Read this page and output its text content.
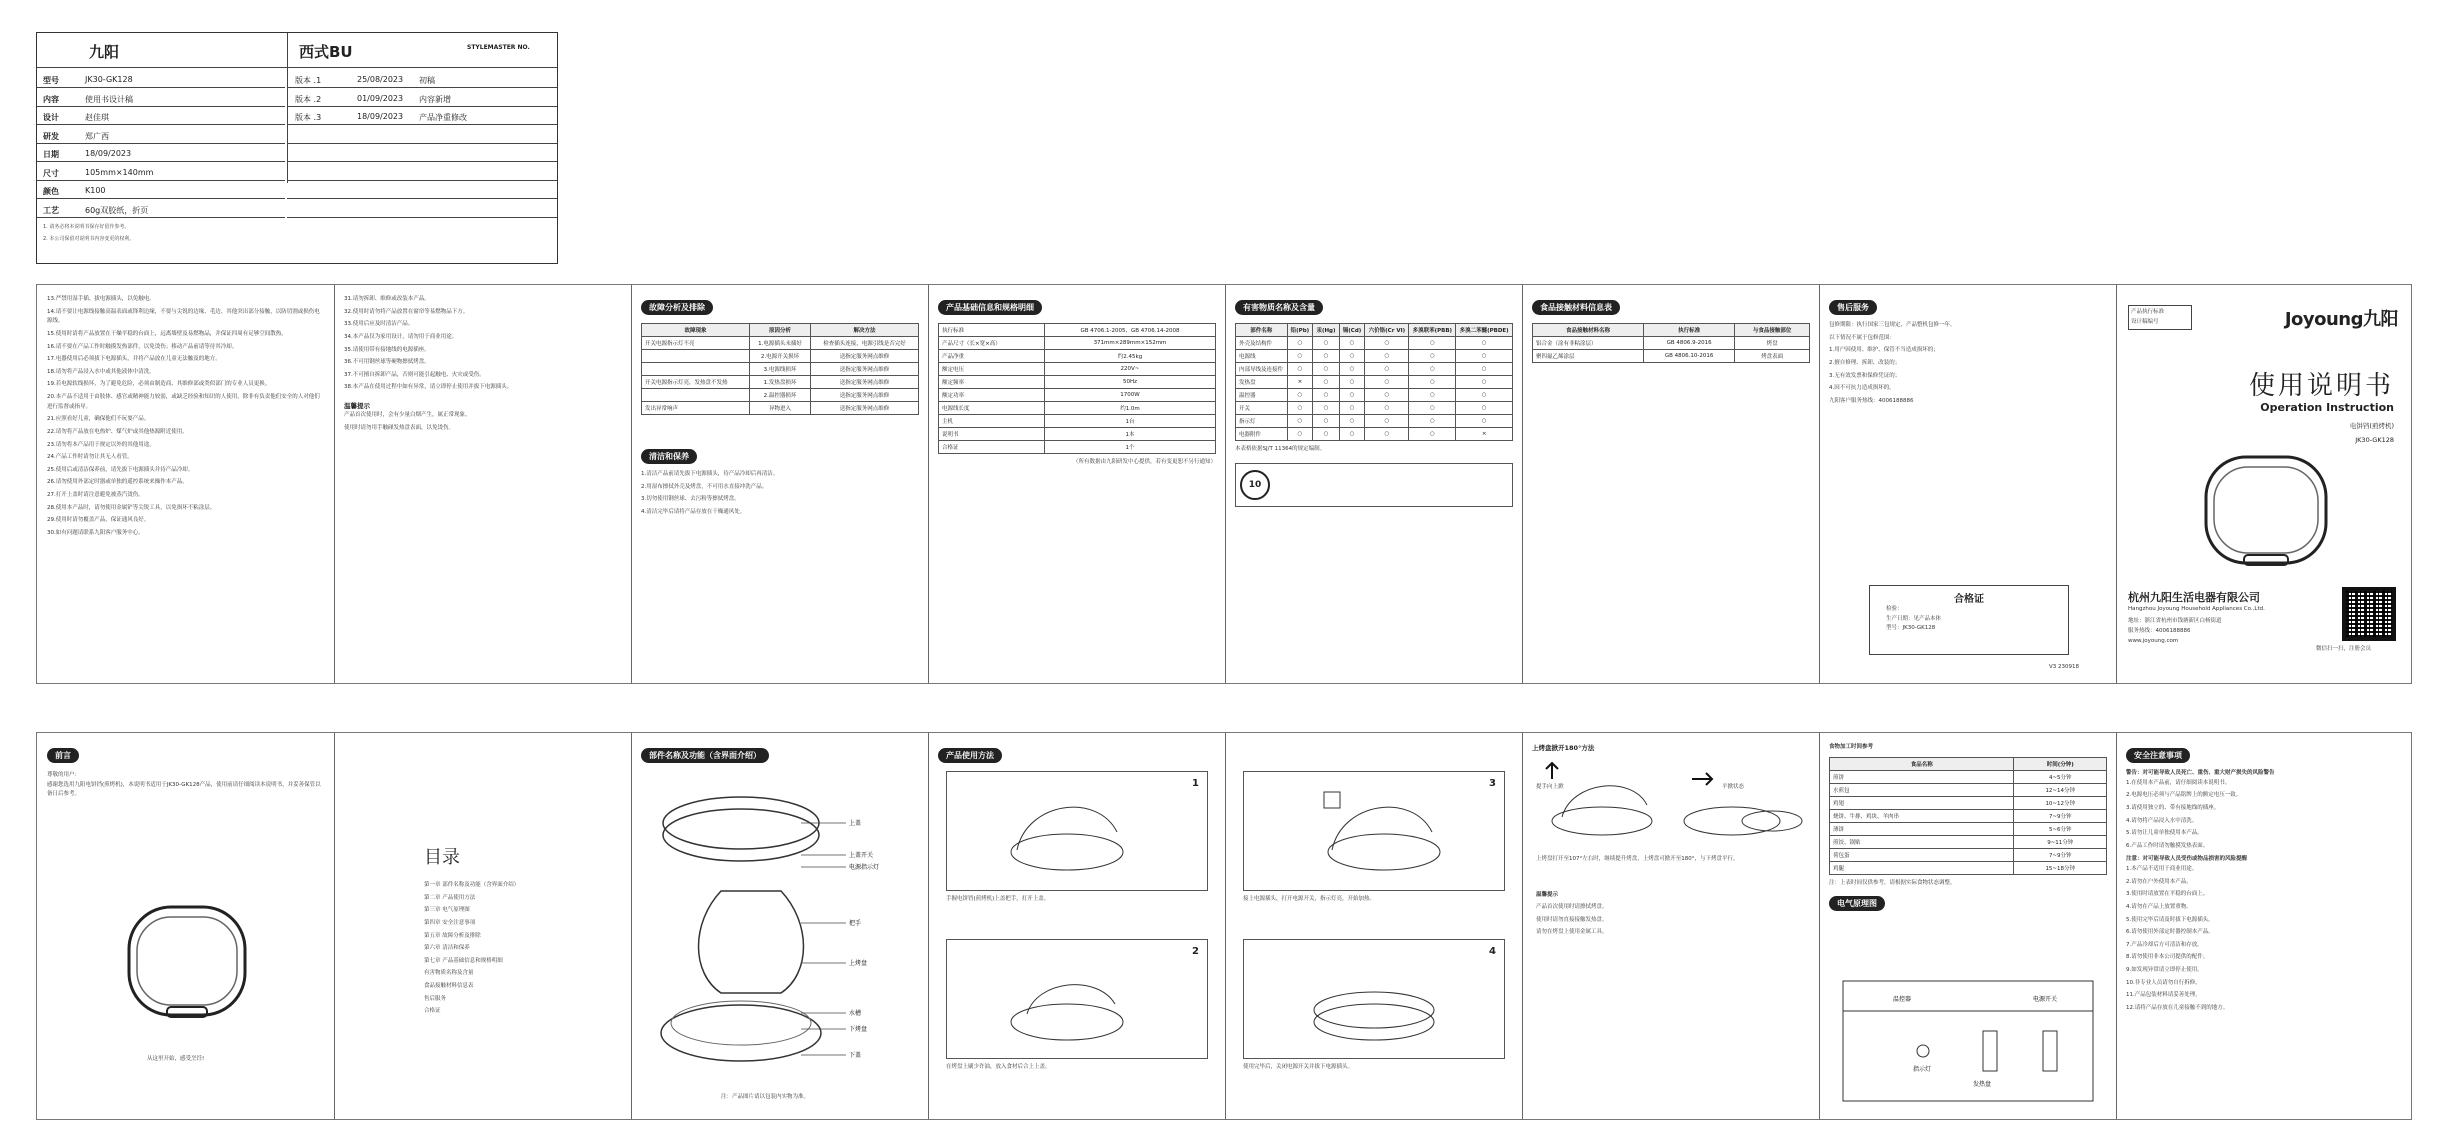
九阳	西式BU	STYLEMASTER NO.
型号	JK30-GK128
内容	使用书设计稿
设计	赵佳琪
研发	郑广西
日期	18/09/2023
尺寸	105mm×140mm
颜色	K100
工艺	60g双胶纸，折页
版本 .1	25/08/2023 初稿
版本 .2	01/09/2023 内容新增
版本 .3	18/09/2023 产品净重修改
1. 请务必将本说明书保存好留作参考。
2. 本公司保留对说明书内容变更的权利。
13.严禁用湿手插、拔电源插头，以免触电。
14.请不要让电源线接触高温表面或锋利边缘，不要与尖锐的边缘、毛边、其他突出部分接触，以防切割或损伤电源线。
15.使用时请将产品放置在干燥平稳的台面上，远离墙壁及易燃物品，并保证四周有足够空间散热。
16.请不要在产品工作时触摸发热部件，以免烫伤；移动产品前请等待其冷却。
17.电器使用后必须拔下电源插头，并将产品放在儿童无法触及的地方。
18.请勿将产品浸入水中或其他液体中清洗。
19.若电源软线损坏，为了避免危险，必须由制造商、其维修部或类似部门的专业人员更换。
20.本产品不适用于由肢体、感官或精神能力较弱，或缺乏经验和知识的人使用，除非有负责他们安全的人对他们进行监督或指导。
21.应照看好儿童，确保他们不玩耍产品。
22.请勿将产品放在电热炉、煤气炉或其他热源附近使用。
23.请勿将本产品用于规定以外的其他用途。
24.产品工作时请勿让其无人看管。
25.使用后或清洁保养前，请先拔下电源插头并待产品冷却。
26.请勿使用外部定时器或单独的遥控系统来操作本产品。
27.打开上盖时请注意避免被蒸汽烫伤。
28.使用本产品时，请勿使用金属铲等尖锐工具，以免损坏不粘涂层。
29.使用时请勿覆盖产品，保证通风良好。
30.如有问题请联系九阳客户服务中心。
31.请勿拆卸、维修或改装本产品。
32.使用时请勿将产品放置在窗帘等易燃物品下方。
33.使用后应及时清洁产品。
34.本产品仅为家用设计，请勿用于商业用途。
35.请使用带有接地线的电源插座。
36.不可用钢丝球等硬物擦拭烤盘。
37.不可擅自拆卸产品，否则可能引起触电、火灾或受伤。
38.本产品在使用过程中如有异常，请立即停止使用并拔下电源插头。
温馨提示
产品首次使用时，会有少量白烟产生，属正常现象。
使用时请勿用手触碰发热盘表面，以免烫伤。
故障分析及排除
故障现象	原因分析	解决方法
开关电源指示灯不亮	1.电源插头未插好	检查插头连接，电源引线是否完好
	2.电源开关损坏	送指定服务网点维修
	3.电源线损坏	送指定服务网点维修
开关电源指示灯亮，发热盘不发热	1.发热盘损坏	送指定服务网点维修
	2.温控器损坏	送指定服务网点维修
发出异常响声	异物进入	送指定服务网点维修
清洁和保养
1.清洁产品前请先拔下电源插头，待产品冷却后再清洁。
2.用湿布擦拭外壳及烤盘，不可用水直接冲洗产品。
3.切勿使用钢丝球、去污粉等擦拭烤盘。
4.清洁完毕后请将产品存放在干燥通风处。
产品基础信息和规格明细
执行标准	GB 4706.1-2005、GB 4706.14-2008
产品尺寸（长×宽×高）	371mm×289mm×152mm
产品净重	约2.45kg
额定电压	220V~
额定频率	50Hz
额定功率	1700W
电源线长度	约1.0m
主机	1台
说明书	1本
合格证	1个
（所有数据由九阳研发中心提供，若有变更恕不另行通知）
有害物质名称及含量
部件名称	铅(Pb)	汞(Hg)	镉(Cd)	六价铬(Cr VI)	多溴联苯(PBB)	多溴二苯醚(PBDE)
外壳及结构件	○	○	○	○	○	○
电源线	○	○	○	○	○	○
内部导线及连接件	○	○	○	○	○	○
发热盘	×	○	○	○	○	○
温控器	○	○	○	○	○	○
开关	○	○	○	○	○	○
指示灯	○	○	○	○	○	○
电器附件	○	○	○	○	○	×
本表格依据SJ/T 11364的规定编制。
10
食品接触材料信息表
食品接触材料名称	执行标准	与食品接触部位
铝合金（涂有非粘涂层）	GB 4806.9-2016	烤盘
聚四氟乙烯涂层	GB 4806.10-2016	烤盘表面
售后服务
包修期限：执行国家三包规定，产品整机包修一年。
以下情况不属于包修范围：
1.用户因使用、维护、保管不当造成损坏的；
2.擅自修理、拆卸、改装的；
3.无有效发票和保修凭证的；
4.因不可抗力造成损坏的。
九阳客户服务热线：4006188886
合格证
检验：
生产日期：见产品本体
型号：JK30-GK128
V3 230918
产品执行标准
设计稿编号	Joyoung九阳
使用说明书
Operation Instruction
电饼铛(煎烤机)
JK30-GK128
杭州九阳生活电器有限公司
Hangzhou Joyoung Household Appliances Co.,Ltd.
地址：浙江省杭州市钱塘新区白杨街道
服务热线：4006188886
www.joyoung.com
微信扫一扫，注册会员
前言
尊敬的用户：
感谢您选用九阳电饼铛(煎烤机)，本说明书适用于JK30-GK128产品，使用前请仔细阅读本说明书，并妥善保管以备日后参考。
从这里开始，感受烹饪!
目录
第一章 部件名称及功能（含界面介绍）
第二章 产品使用方法
第三章 电气原理图
第四章 安全注意事项
第五章 故障分析及排除
第六章 清洁和保养
第七章 产品基础信息和规格明细
有害物质名称及含量
食品接触材料信息表
售后服务
合格证
部件名称及功能（含界面介绍）
上盖
上盖开关
电源指示灯
把手
上烤盘
水槽
下烤盘
下盖
注：产品图片请以包装内实物为准。
产品使用方法
1
手握电饼铛(煎烤机)上盖把手，打开上盖。
2
在烤盘上刷少许油，放入食材后合上上盖。
3
接上电源插头，打开电源开关，指示灯亮，开始加热。
4
使用完毕后，关闭电源开关并拔下电源插头。
上烤盘掀开180°方法
提手向上掀	平掀状态
上烤盘打开至107°左右时，继续提升烤盘，上烤盘可掀开至180°，与下烤盘平行。
温馨提示
产品首次使用时请擦拭烤盘。
使用时请勿直接接触发热盘。
请勿在烤盘上使用金属工具。
食物加工时间参考
食品名称	时间(分钟)
煎饼	4~5分钟
水煎包	12~14分钟
鸡翅	10~12分钟
烧饼、牛排、鸡块、羊肉串	7~9分钟
薄饼	5~6分钟
煎饺、锅贴	9~11分钟
荷包蛋	7~9分钟
鸡腿	15~18分钟
注：上表时间仅供参考，请根据实际食物状态调整。
电气原理图
温控器
发热盘
指示灯
电源开关
安全注意事项
警告：对可能导致人员死亡、重伤、重大财产损失的风险警告
1.在使用本产品前，请仔细阅读本说明书。
2.电源电压必须与产品铭牌上的额定电压一致。
3.请使用独立的、带有接地线的插座。
4.请勿将产品浸入水中清洗。
5.请勿让儿童单独使用本产品。
6.产品工作时请勿触摸发热表面。
注意：对可能导致人员受伤或物品损害的风险提醒
1.本产品不适用于商业用途。
2.请勿在户外使用本产品。
3.使用时请放置在平稳的台面上。
4.请勿在产品上放置重物。
5.使用完毕后请及时拔下电源插头。
6.请勿使用外部定时器控制本产品。
7.产品冷却后方可清洁和存放。
8.请勿使用非本公司提供的配件。
9.如发现异常请立即停止使用。
10.非专业人员请勿自行拆修。
11.产品包装材料请妥善处理。
12.请将产品存放在儿童接触不到的地方。
